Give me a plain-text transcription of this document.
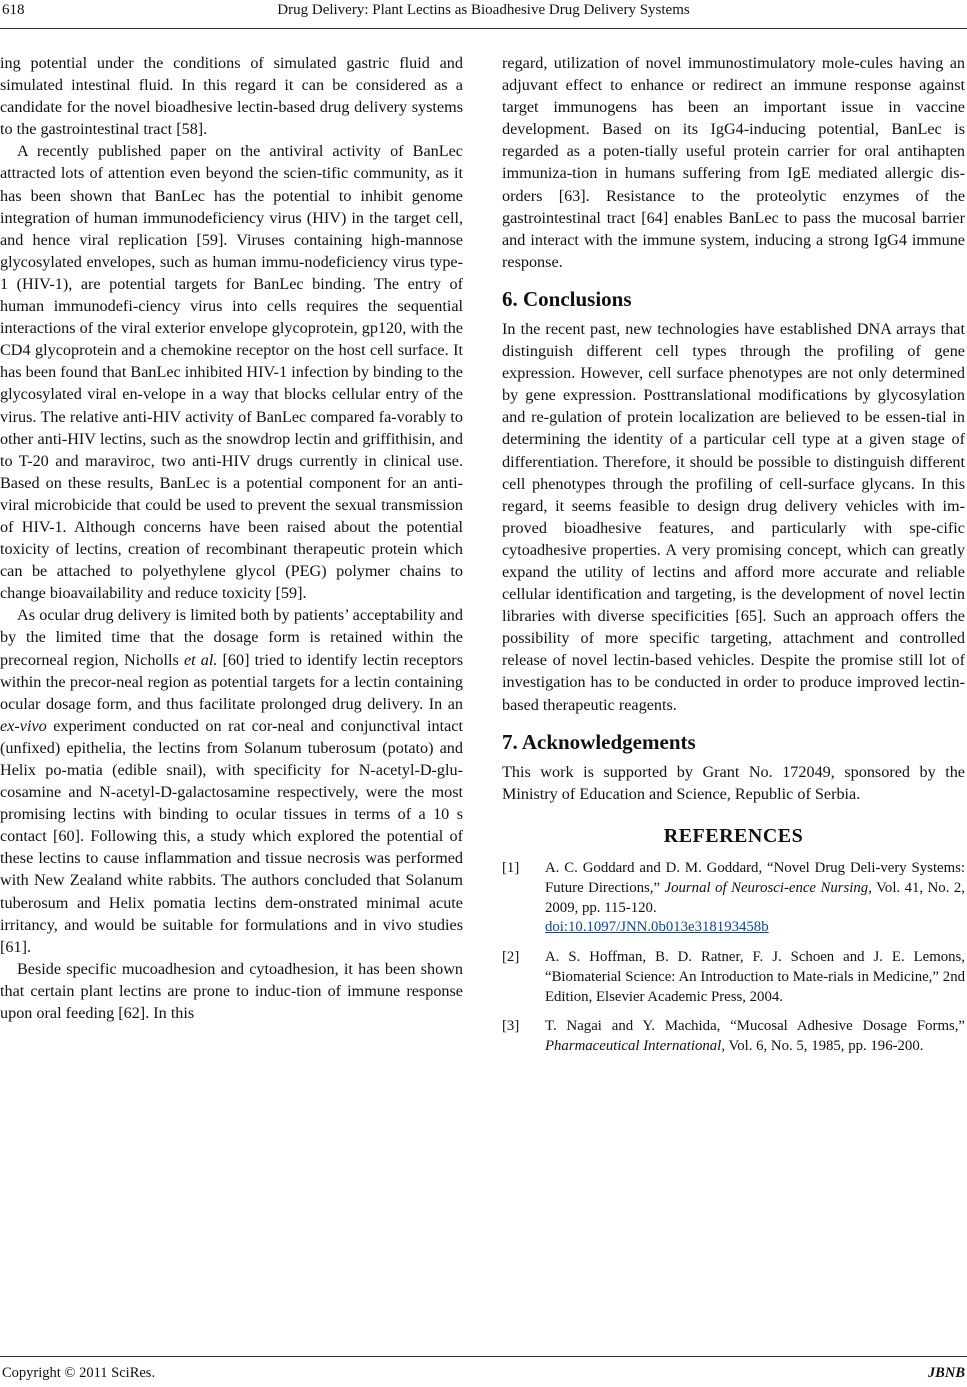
618	Drug Delivery: Plant Lectins as Bioadhesive Drug Delivery Systems

ing potential under the conditions of simulated gastric fluid and simulated intestinal fluid. In this regard it can be considered as a candidate for the novel bioadhesive lectin-based drug delivery systems to the gastrointestinal tract [58].

A recently published paper on the antiviral activity of BanLec attracted lots of attention even beyond the scien-tific community, as it has been shown that BanLec has the potential to inhibit genome integration of human immunodeficiency virus (HIV) in the target cell, and hence viral replication [59]. Viruses containing high-mannose glycosylated envelopes, such as human immu-nodeficiency virus type-1 (HIV-1), are potential targets for BanLec binding. The entry of human immunodefi-ciency virus into cells requires the sequential interactions of the viral exterior envelope glycoprotein, gp120, with the CD4 glycoprotein and a chemokine receptor on the host cell surface. It has been found that BanLec inhibited HIV-1 infection by binding to the glycosylated viral en-velope in a way that blocks cellular entry of the virus. The relative anti-HIV activity of BanLec compared fa-vorably to other anti-HIV lectins, such as the snowdrop lectin and griffithisin, and to T-20 and maraviroc, two anti-HIV drugs currently in clinical use. Based on these results, BanLec is a potential component for an anti-viral microbicide that could be used to prevent the sexual transmission of HIV-1. Although concerns have been raised about the potential toxicity of lectins, creation of recombinant therapeutic protein which can be attached to polyethylene glycol (PEG) polymer chains to change bioavailability and reduce toxicity [59].

As ocular drug delivery is limited both by patients’ acceptability and by the limited time that the dosage form is retained within the precorneal region, Nicholls et al. [60] tried to identify lectin receptors within the precor-neal region as potential targets for a lectin containing ocular dosage form, and thus facilitate prolonged drug delivery. In an ex-vivo experiment conducted on rat cor-neal and conjunctival intact (unfixed) epithelia, the lectins from Solanum tuberosum (potato) and Helix po-matia (edible snail), with specificity for N-acetyl-D-glu-cosamine and N-acetyl-D-galactosamine respectively, were the most promising lectins with binding to ocular tissues in terms of a 10 s contact [60]. Following this, a study which explored the potential of these lectins to cause inflammation and tissue necrosis was performed with New Zealand white rabbits. The authors concluded that Solanum tuberosum and Helix pomatia lectins dem-onstrated minimal acute irritancy, and would be suitable for formulations and in vivo studies [61].

Beside specific mucoadhesion and cytoadhesion, it has been shown that certain plant lectins are prone to induc-tion of immune response upon oral feeding [62]. In this

regard, utilization of novel immunostimulatory mole-cules having an adjuvant effect to enhance or redirect an immune response against target immunogens has been an important issue in vaccine development. Based on its IgG4-inducing potential, BanLec is regarded as a poten-tially useful protein carrier for oral antihapten immuniza-tion in humans suffering from IgE mediated allergic dis-orders [63]. Resistance to the proteolytic enzymes of the gastrointestinal tract [64] enables BanLec to pass the mucosal barrier and interact with the immune system, inducing a strong IgG4 immune response.

6. Conclusions

In the recent past, new technologies have established DNA arrays that distinguish different cell types through the profiling of gene expression. However, cell surface phenotypes are not only determined by gene expression. Posttranslational modifications by glycosylation and re-gulation of protein localization are believed to be essen-tial in determining the identity of a particular cell type at a given stage of differentiation. Therefore, it should be possible to distinguish different cell phenotypes through the profiling of cell-surface glycans. In this regard, it seems feasible to design drug delivery vehicles with im-proved bioadhesive features, and particularly with spe-cific cytoadhesive properties. A very promising concept, which can greatly expand the utility of lectins and afford more accurate and reliable cellular identification and targeting, is the development of novel lectin libraries with diverse specificities [65]. Such an approach offers the possibility of more specific targeting, attachment and controlled release of novel lectin-based vehicles. Despite the promise still lot of investigation has to be conducted in order to produce improved lectin-based therapeutic reagents.

7. Acknowledgements

This work is supported by Grant No. 172049, sponsored by the Ministry of Education and Science, Republic of Serbia.

REFERENCES
[1] A. C. Goddard and D. M. Goddard, “Novel Drug Deli-very Systems: Future Directions,” Journal of Neurosci-ence Nursing, Vol. 41, No. 2, 2009, pp. 115-120.
doi:10.1097/JNN.0b013e318193458b
[2] A. S. Hoffman, B. D. Ratner, F. J. Schoen and J. E. Lemons, “Biomaterial Science: An Introduction to Mate-rials in Medicine,” 2nd Edition, Elsevier Academic Press, 2004.
[3] T. Nagai and Y. Machida, “Mucosal Adhesive Dosage Forms,” Pharmaceutical International, Vol. 6, No. 5, 1985, pp. 196-200.
Copyright © 2011 SciRes.	JBNB
